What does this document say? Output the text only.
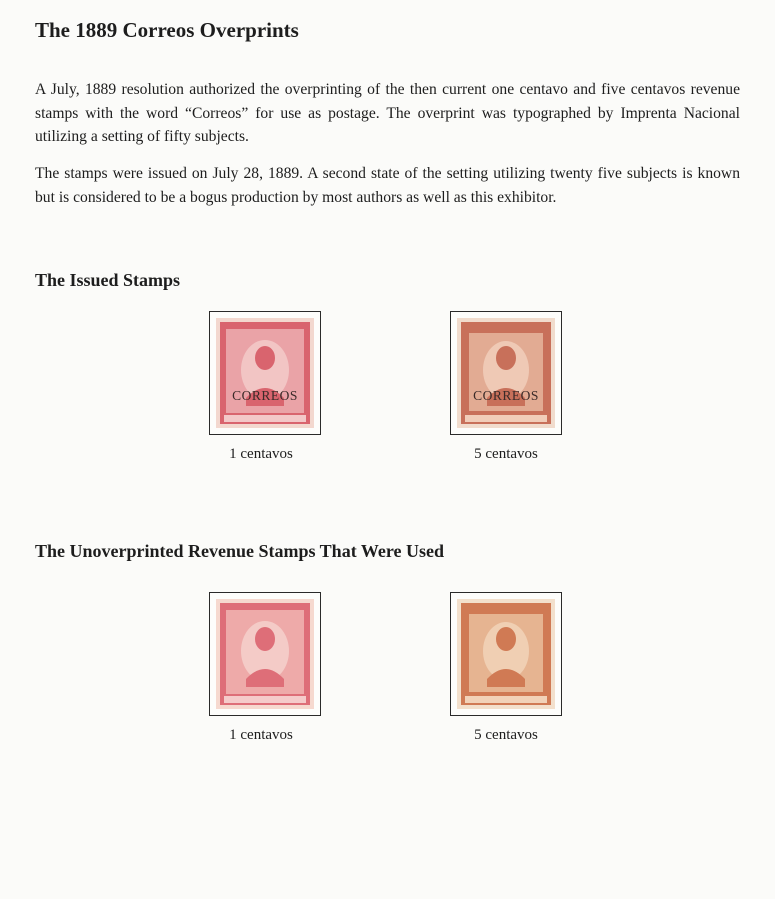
The 1889 Correos Overprints

A July, 1889 resolution authorized the overprinting of the then current one centavo and five centavos revenue stamps with the word “Correos” for use as postage. The overprint was typographed by Imprenta Nacional utilizing a setting of fifty subjects.

The stamps were issued on July 28, 1889. A second state of the setting utilizing twenty five subjects is known but is considered to be a bogus production by most authors as well as this exhibitor.

The Issued Stamps
CORREOS
1 centavos
CORREOS
5 centavos
The Unoverprinted Revenue Stamps That Were Used
1 centavos	5 centavos
